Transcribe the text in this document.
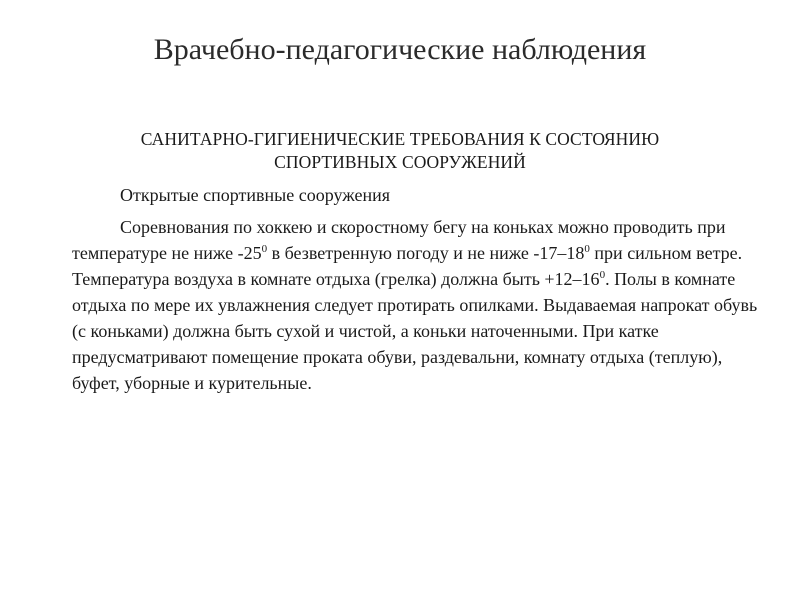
Врачебно-педагогические наблюдения
САНИТАРНО-ГИГИЕНИЧЕСКИЕ ТРЕБОВАНИЯ К СОСТОЯНИЮ
СПОРТИВНЫХ СООРУЖЕНИЙ
Открытые спортивные сооружения

Соревнования по хоккею и скоростному бегу на коньках можно проводить при температуре не ниже $-25^0$ в безветренную погоду и не ниже $-17-18^0$ при сильном ветре. Температура воздуха в комнате отдыха (грелка) должна быть $+12-16^0$. Полы в комнате отдыха по мере их увлажнения следует протирать опилками. Выдаваемая напрокат обувь (с коньками) должна быть сухой и чистой, а коньки наточенными. При катке предусматривают помещение проката обуви, раздевальни, комнату отдыха (теплую), буфет, уборные и курительные.
